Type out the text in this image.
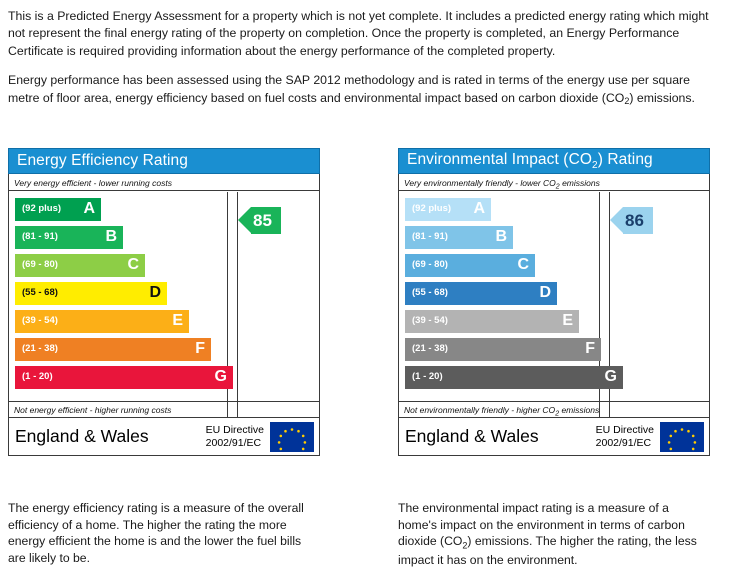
This is a Predicted Energy Assessment for a property which is not yet complete. It includes a predicted energy rating which might not represent the final energy rating of the property on completion. Once the property is completed, an Energy Performance Certificate is required providing information about the energy performance of the completed property.

Energy performance has been assessed using the SAP 2012 methodology and is rated in terms of the energy use per square metre of floor area, energy efficiency based on fuel costs and environmental impact based on carbon dioxide $(CO_2)$ emissions.

Energy Efficiency Rating
Very energy efficient - lower running costs
(92 plus) A
(81 - 91)	B
(69 - 80)	C
(55 - 68)	D
(39 - 54)	E
(21 - 38)	F
(1 - 20)	G
85
Not energy efficient - higher running costs
England & Wales	EU Directive
2002/91/EC
Environmental Impact $(CO_2)$ Rating
Very environmentally friendly - lower $CO_2$ emissions
(92 plus) A
(81 - 91)	B
(69 - 80)	C
(55 - 68)	D
(39 - 54)	E
(21 - 38)	F
(1 - 20)	G
86
Not environmentally friendly - higher $CO_2$ emissions
England & Wales	EU Directive
2002/91/EC
The energy efficiency rating is a measure of the overall efficiency of a home. The higher the rating the more energy efficient the home is and the lower the fuel bills are likely to be.
The environmental impact rating is a measure of a home's impact on the environment in terms of carbon dioxide $(CO_2)$ emissions. The higher the rating, the less impact it has on the environment.
